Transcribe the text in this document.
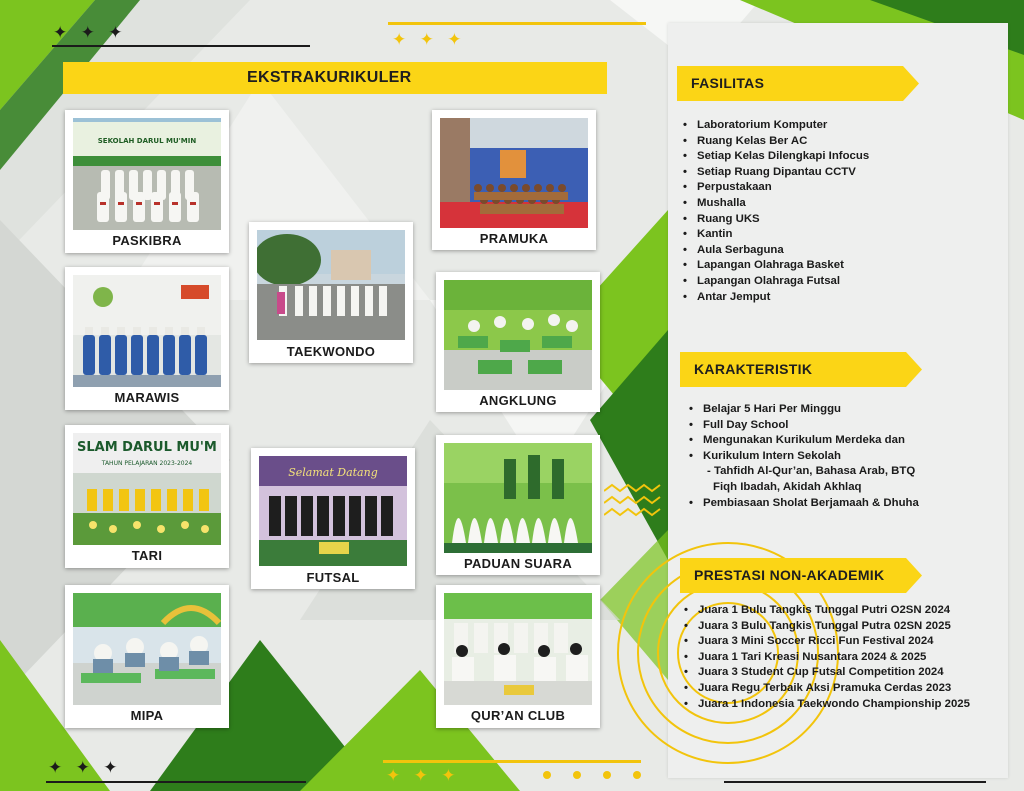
✦ ✦ ✦	✦ ✦ ✦
✦ ✦ ✦	✦ ✦ ✦
EKSTRAKURIKULER
SEKOLAH DARUL MU'MIN
PASKIBRA	PRAMUKA
TAEKWONDO
MARAWIS	ANGKLUNG
SLAM DARUL MU'M
TAHUN PELAJARAN 2023-2024
TARI
Selamat Datang
FUTSAL
PADUAN SUARA
MIPA	QUR’AN CLUB
FASILITAS
• Laboratorium Komputer
• Ruang Kelas Ber AC
• Setiap Kelas Dilengkapi Infocus
• Setiap Ruang Dipantau CCTV
• Perpustakaan
• Mushalla
• Ruang UKS
• Kantin
• Aula Serbaguna
• Lapangan Olahraga Basket
• Lapangan Olahraga Futsal
• Antar Jemput
KARAKTERISTIK
• Belajar 5 Hari Per Minggu
• Full Day School
• Mengunakan Kurikulum Merdeka dan
• Kurikulum Intern Sekolah
- Tahfidh Al-Qur’an, Bahasa Arab, BTQ
Fiqh Ibadah, Akidah Akhlaq
• Pembiasaan Sholat Berjamaah & Dhuha
PRESTASI NON-AKADEMIK
• Juara 1 Bulu Tangkis Tunggal Putri O2SN 2024
• Juara 3 Bulu Tangkis Tunggal Putra 02SN 2025
• Juara 3 Mini Soccer Ricci Fun Festival 2024
• Juara 1 Tari Kreasi Nusantara 2024 & 2025
• Juara 3 Student Cup Futsal Competition 2024
• Juara Regu Terbaik Aksi Pramuka Cerdas 2023
• Juara 1 Indonesia Taekwondo Championship 2025
